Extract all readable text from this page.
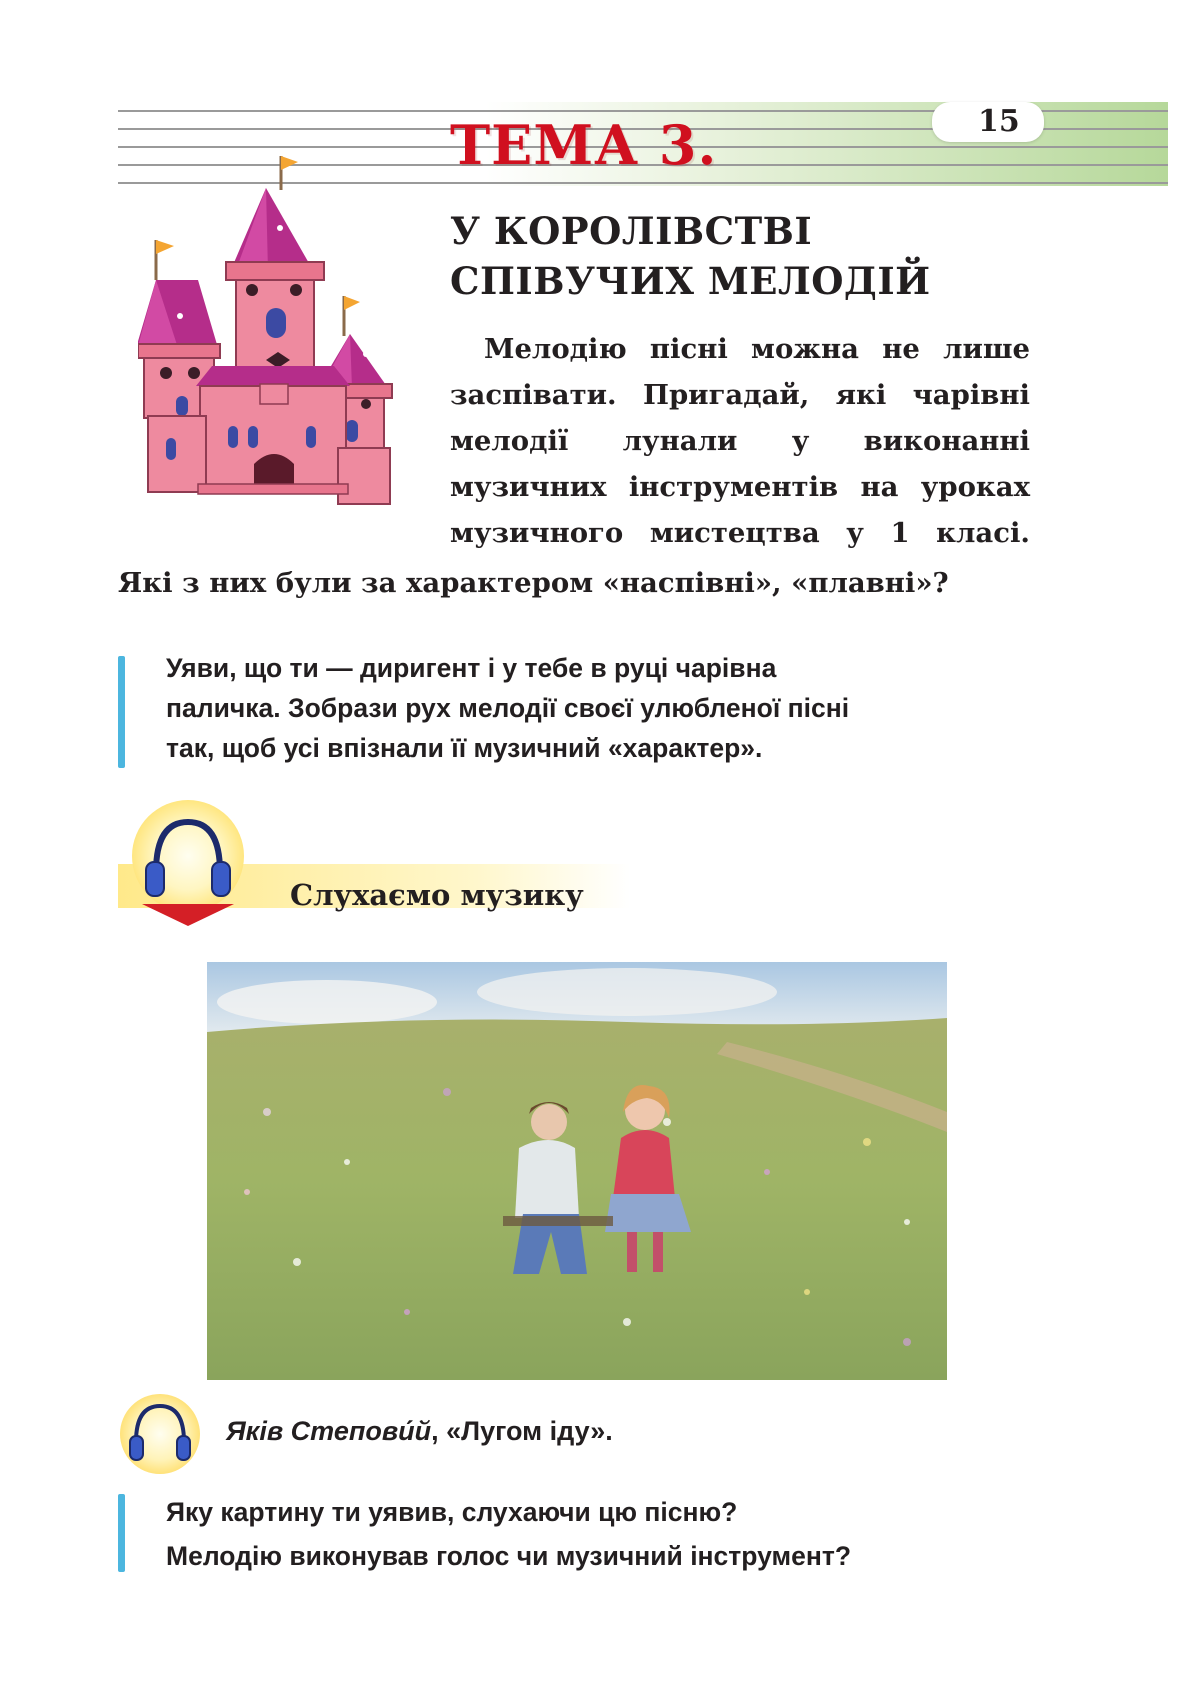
15
ТЕМА 3.
У КОРОЛІВСТВІ
СПІВУЧИХ МЕЛОДІЙ
Мелодію пісні можна не лише
заспівати. Пригадай, які чарівні
мелодії лунали у виконанні
музичних інструментів на уроках
музичного мистецтва у 1 класі.
Які з них були за характером «наспівні», «плавні»?
Уяви, що ти — диригент і у тебе в руці чарівна
паличка. Зобрази рух мелодії своєї улюбленої пісні
так, щоб усі впізнали її музичний «характер».
Слухаємо музику
Яків Степови́й, «Лугом іду».
Яку картину ти уявив, слухаючи цю пісню?
Мелодію виконував голос чи музичний інструмент?
